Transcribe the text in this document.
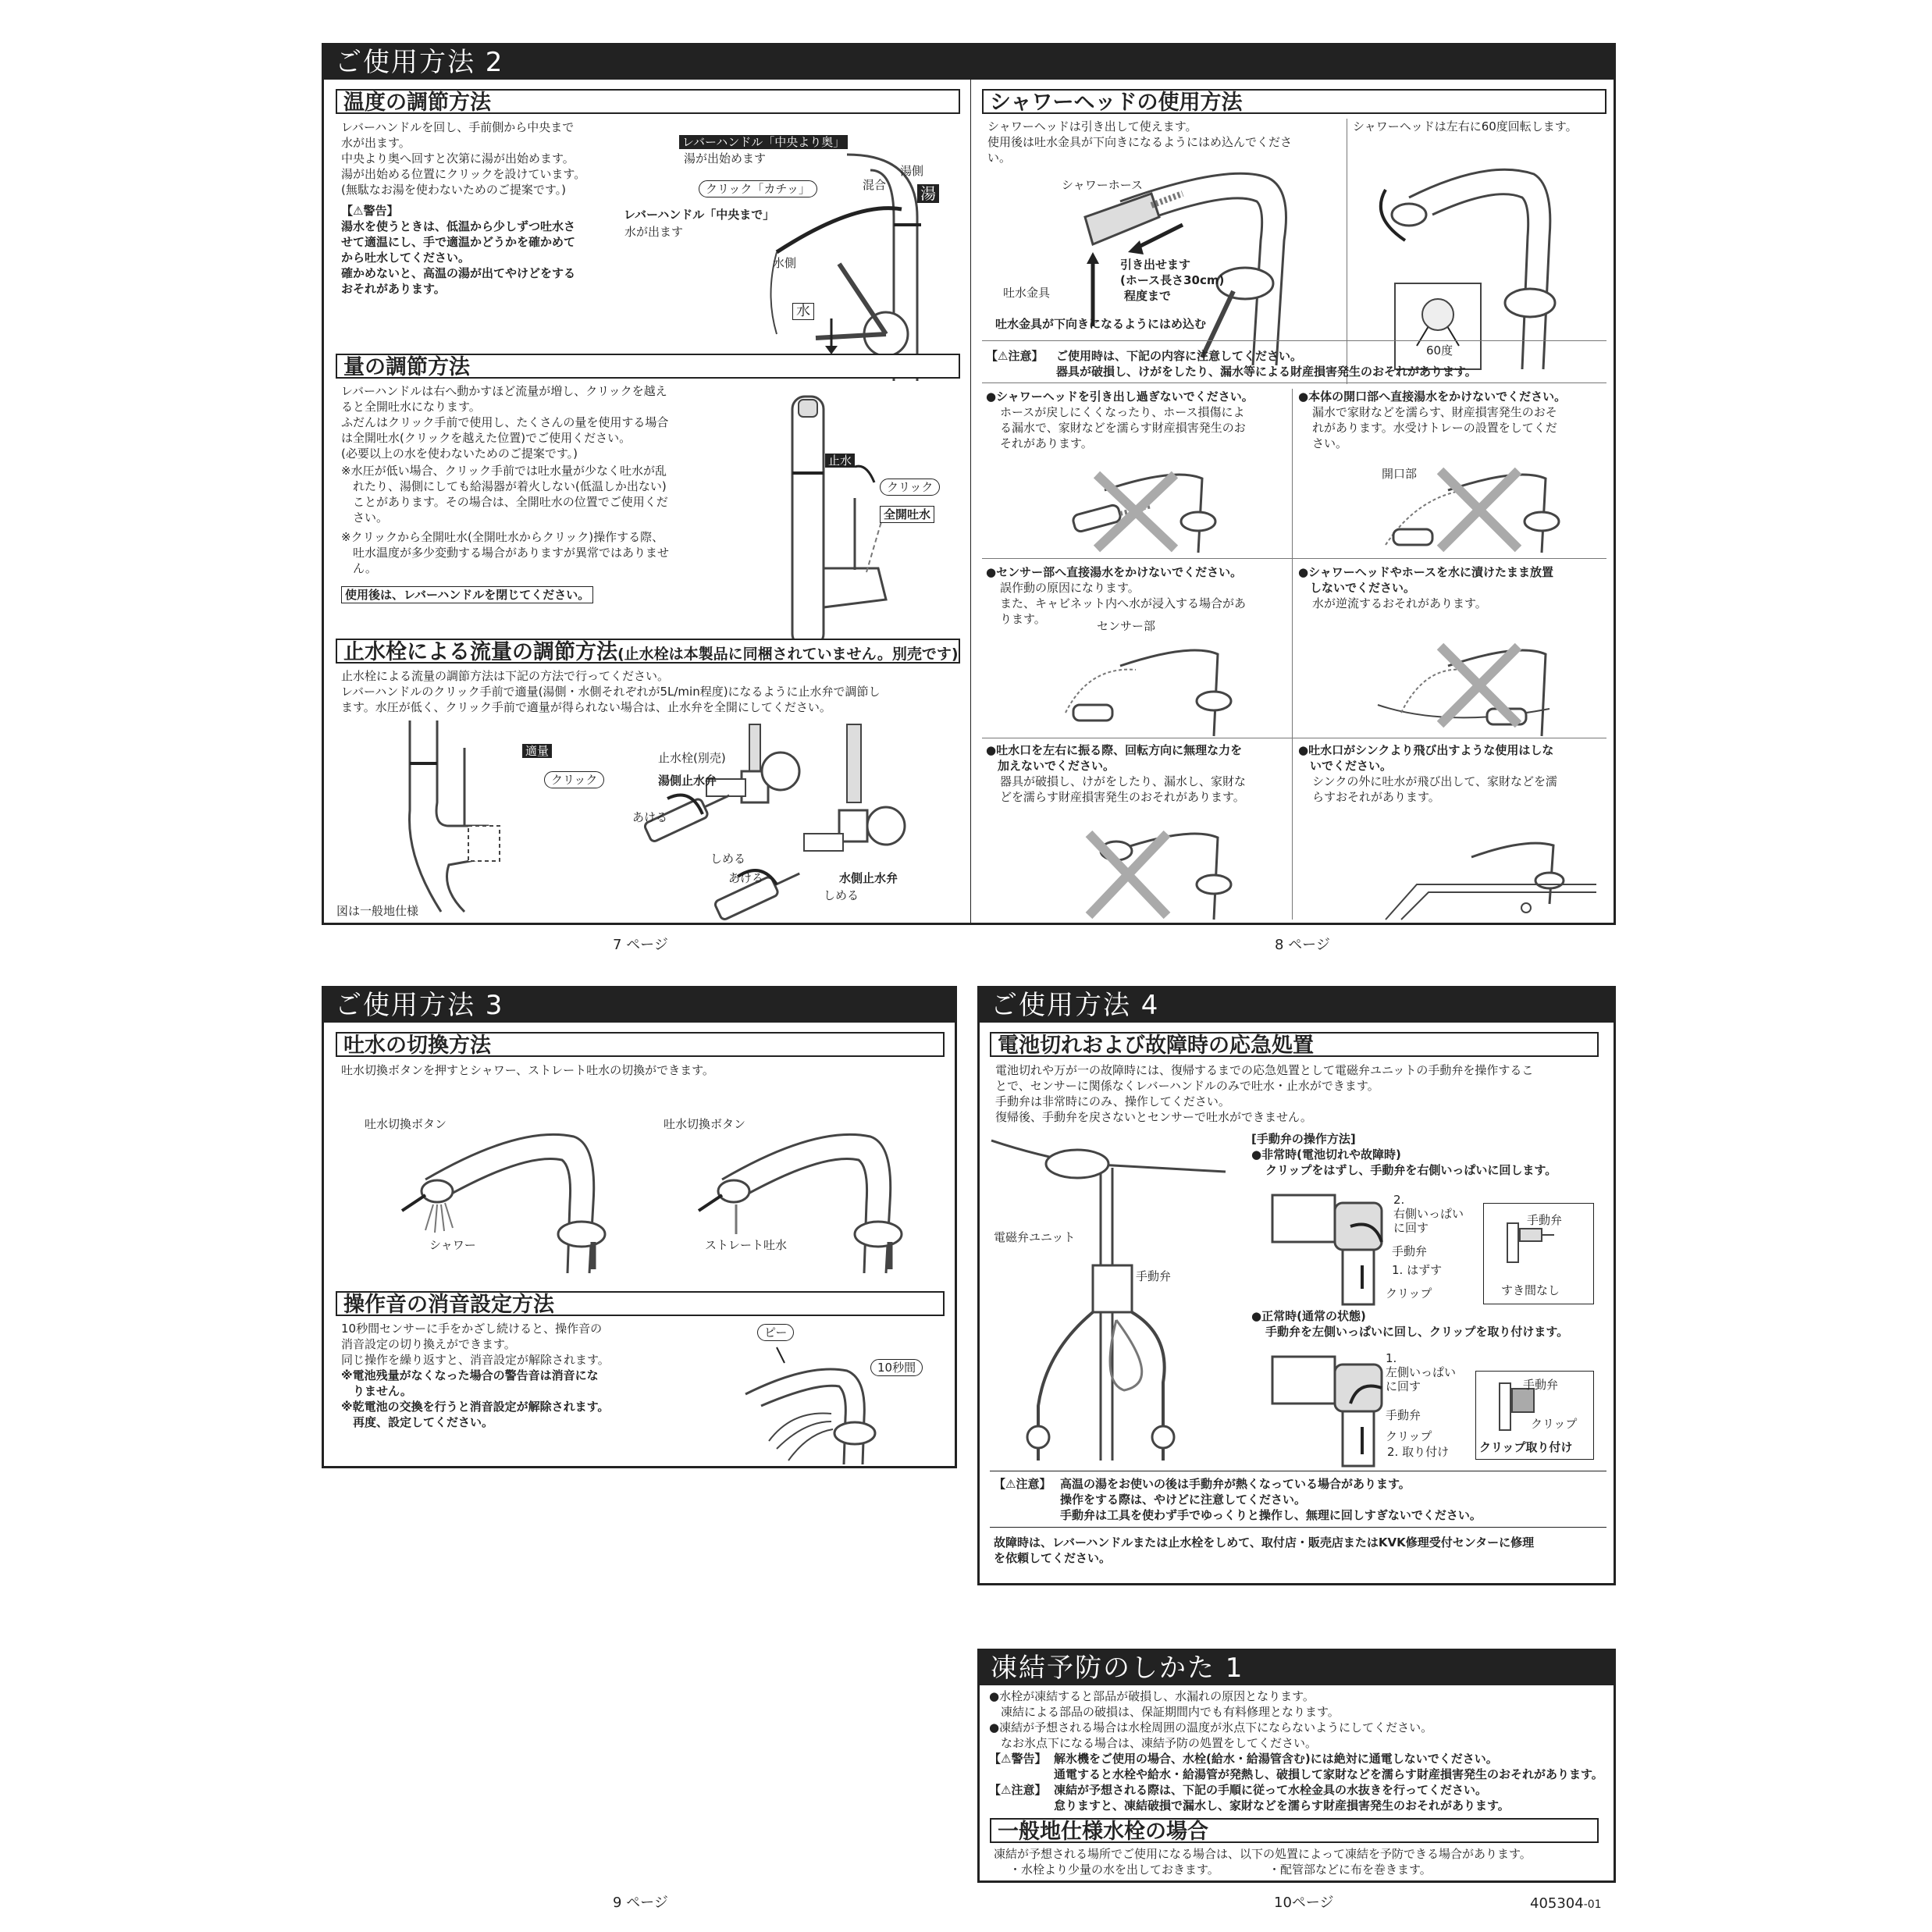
ご使用方法 2
温度の調節方法
レバーハンドルを回し、手前側から中央まで
水が出ます。
中央より奥へ回すと次第に湯が出始めます。
湯が出始める位置にクリックを設けています。
(無駄なお湯を使わないためのご提案です。)
【⚠警告】
湯水を使うときは、低温から少しずつ吐水さ
せて適温にし、手で適温かどうかを確かめて
から吐水してください。
確かめないと、高温の湯が出てやけどをする
おそれがあります。
レバーハンドル「中央より奥」
湯が出始めます
クリック「カチッ」
湯側
混合 湯
レバーハンドル「中央まで」
水が出ます
水側
水
量の調節方法
レバーハンドルは右へ動かすほど流量が増し、クリックを越え
ると全開吐水になります。
ふだんはクリック手前で使用し、たくさんの量を使用する場合
は全開吐水(クリックを越えた位置)でご使用ください。
(必要以上の水を使わないためのご提案です。)
※水圧が低い場合、クリック手前では吐水量が少なく吐水が乱
　れたり、湯側にしても給湯器が着火しない(低温しか出ない)
　ことがあります。その場合は、全開吐水の位置でご使用くだ
　さい。
※クリックから全開吐水(全開吐水からクリック)操作する際、
　吐水温度が多少変動する場合がありますが異常ではありませ
　ん。
使用後は、レバーハンドルを閉じてください。
止水
クリック
全開吐水
止水栓による流量の調節方法(止水栓は本製品に同梱されていません。別売です)
止水栓による流量の調節方法は下記の方法で行ってください。
レバーハンドルのクリック手前で適量(湯側・水側それぞれが5L/min程度)になるように止水弁で調節し
ます。水圧が低く、クリック手前で適量が得られない場合は、止水弁を全開にしてください。
適量
クリック
止水栓(別売)
湯側止水弁
あける
しめる
あける	水側止水弁
しめる
図は一般地仕様
シャワーヘッドの使用方法
シャワーヘッドは引き出して使えます。
使用後は吐水金具が下向きになるようにはめ込んでくださ
い。
シャワーヘッドは左右に60度回転します。
シャワーホース
引き出せます
(ホース長さ30cm)
程度まで
吐水金具
吐水金具が下向きになるようにはめ込む
60度
【⚠注意】 ご使用時は、下記の内容に注意してください。
器具が破損し、けがをしたり、漏水等による財産損害発生のおそれがあります。
●シャワーヘッドを引き出し過ぎないでください。
ホースが戻しにくくなったり、ホース損傷によ
る漏水で、家財などを濡らす財産損害発生のお
それがあります。
●本体の開口部へ直接湯水をかけないでください。
漏水で家財などを濡らす、財産損害発生のおそ
れがあります。水受けトレーの設置をしてくだ
さい。
開口部
●センサー部へ直接湯水をかけないでください。
誤作動の原因になります。
また、キャビネット内へ水が浸入する場合があ
ります。	センサー部
●シャワーヘッドやホースを水に漬けたまま放置
　しないでください。
水が逆流するおそれがあります。
●吐水口を左右に振る際、回転方向に無理な力を
　加えないでください。
器具が破損し、けがをしたり、漏水し、家財な
どを濡らす財産損害発生のおそれがあります。
●吐水口がシンクより飛び出すような使用はしな
　いでください。
シンクの外に吐水が飛び出して、家財などを濡
らすおそれがあります。
7 ページ	8 ページ
ご使用方法 3
吐水の切換方法
吐水切換ボタンを押すとシャワー、ストレート吐水の切換ができます。
吐水切換ボタン
シャワー
吐水切換ボタン
ストレート吐水
操作音の消音設定方法
10秒間センサーに手をかざし続けると、操作音の
消音設定の切り換えができます。
同じ操作を繰り返すと、消音設定が解除されます。
※電池残量がなくなった場合の警告音は消音にな
　りません。
※乾電池の交換を行うと消音設定が解除されます。
　再度、設定してください。
ピー
10秒間
9 ページ
ご使用方法 4
電池切れおよび故障時の応急処置
電池切れや万が一の故障時には、復帰するまでの応急処置として電磁弁ユニットの手動弁を操作するこ
とで、センサーに関係なくレバーハンドルのみで吐水・止水ができます。
手動弁は非常時にのみ、操作してください。
復帰後、手動弁を戻さないとセンサーで吐水ができません。
電磁弁ユニット
手動弁
[手動弁の操作方法]
●非常時(電池切れや故障時)
クリップをはずし、手動弁を右側いっぱいに回します。
2.
右側いっぱい
に回す
手動弁
1. はずす
クリップ
手動弁
すき間なし
●正常時(通常の状態)
手動弁を左側いっぱいに回し、クリップを取り付けます。
1.
左側いっぱい
に回す
手動弁
クリップ
2. 取り付け
手動弁
クリップ
クリップ取り付け
【⚠注意】 高温の湯をお使いの後は手動弁が熱くなっている場合があります。
操作をする際は、やけどに注意してください。
手動弁は工具を使わず手でゆっくりと操作し、無理に回しすぎないでください。
故障時は、レバーハンドルまたは止水栓をしめて、取付店・販売店またはKVK修理受付センターに修理
を依頼してください。
凍結予防のしかた 1
●水栓が凍結すると部品が破損し、水漏れの原因となります。
　凍結による部品の破損は、保証期間内でも有料修理となります。
●凍結が予想される場合は水栓周囲の温度が氷点下にならないようにしてください。
　なお氷点下になる場合は、凍結予防の処置をしてください。
【⚠警告】 解氷機をご使用の場合、水栓(給水・給湯管含む)には絶対に通電しないでください。
通電すると水栓や給水・給湯管が発熱し、破損して家財などを濡らす財産損害発生のおそれがあります。
【⚠注意】 凍結が予想される際は、下記の手順に従って水栓金具の水抜きを行ってください。
怠りますと、凍結破損で漏水し、家財などを濡らす財産損害発生のおそれがあります。
一般地仕様水栓の場合
凍結が予想される場所でご使用になる場合は、以下の処置によって凍結を予防できる場合があります。
・水栓より少量の水を出しておきます。	・配管部などに布を巻きます。
10ページ	405304-01
